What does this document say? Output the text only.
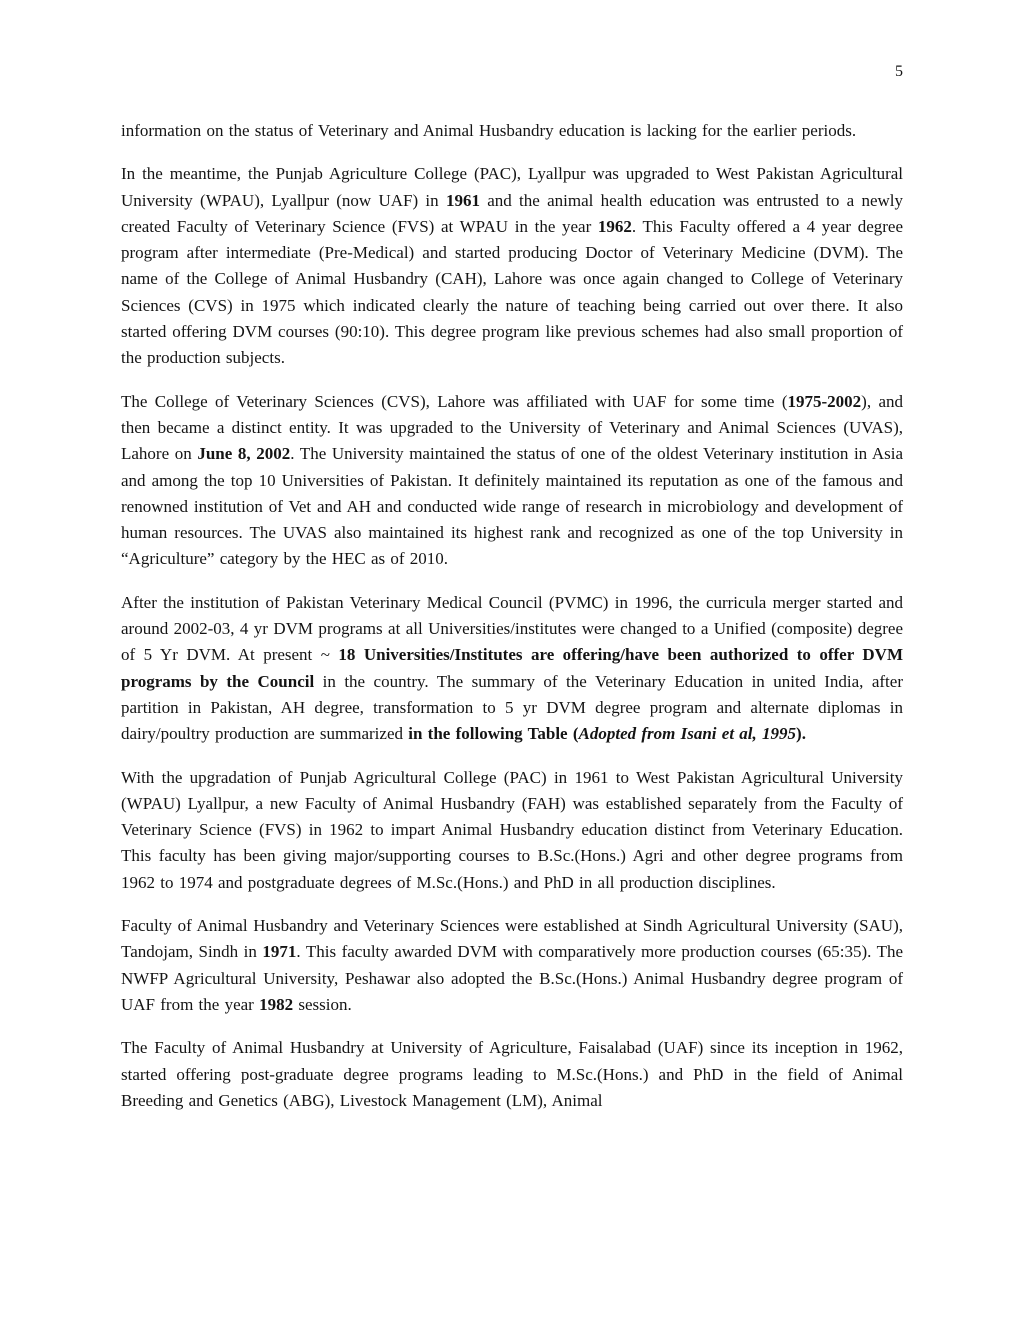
5

information on the status of Veterinary and Animal Husbandry education is lacking for the earlier periods.

In the meantime, the Punjab Agriculture College (PAC), Lyallpur was upgraded to West Pakistan Agricultural University (WPAU), Lyallpur (now UAF) in 1961 and the animal health education was entrusted to a newly created Faculty of Veterinary Science (FVS) at WPAU in the year 1962. This Faculty offered a 4 year degree program after intermediate (Pre-Medical) and started producing Doctor of Veterinary Medicine (DVM). The name of the College of Animal Husbandry (CAH), Lahore was once again changed to College of Veterinary Sciences (CVS) in 1975 which indicated clearly the nature of teaching being carried out over there. It also started offering DVM courses (90:10). This degree program like previous schemes had also small proportion of the production subjects.

The College of Veterinary Sciences (CVS), Lahore was affiliated with UAF for some time (1975-2002), and then became a distinct entity. It was upgraded to the University of Veterinary and Animal Sciences (UVAS), Lahore on June 8, 2002. The University maintained the status of one of the oldest Veterinary institution in Asia and among the top 10 Universities of Pakistan. It definitely maintained its reputation as one of the famous and renowned institution of Vet and AH and conducted wide range of research in microbiology and development of human resources. The UVAS also maintained its highest rank and recognized as one of the top University in “Agriculture” category by the HEC as of 2010.

After the institution of Pakistan Veterinary Medical Council (PVMC) in 1996, the curricula merger started and around 2002-03, 4 yr DVM programs at all Universities/institutes were changed to a Unified (composite) degree of 5 Yr DVM. At present ~ 18 Universities/Institutes are offering/have been authorized to offer DVM programs by the Council in the country. The summary of the Veterinary Education in united India, after partition in Pakistan, AH degree, transformation to 5 yr DVM degree program and alternate diplomas in dairy/poultry production are summarized in the following Table (Adopted from Isani et al, 1995).

With the upgradation of Punjab Agricultural College (PAC) in 1961 to West Pakistan Agricultural University (WPAU) Lyallpur, a new Faculty of Animal Husbandry (FAH) was established separately from the Faculty of Veterinary Science (FVS) in 1962 to impart Animal Husbandry education distinct from Veterinary Education. This faculty has been giving major/supporting courses to B.Sc.(Hons.) Agri and other degree programs from 1962 to 1974 and postgraduate degrees of M.Sc.(Hons.) and PhD in all production disciplines.

Faculty of Animal Husbandry and Veterinary Sciences were established at Sindh Agricultural University (SAU), Tandojam, Sindh in 1971. This faculty awarded DVM with comparatively more production courses (65:35). The NWFP Agricultural University, Peshawar also adopted the B.Sc.(Hons.) Animal Husbandry degree program of UAF from the year 1982 session.

The Faculty of Animal Husbandry at University of Agriculture, Faisalabad (UAF) since its inception in 1962, started offering post-graduate degree programs leading to M.Sc.(Hons.) and PhD in the field of Animal Breeding and Genetics (ABG), Livestock Management (LM), Animal
